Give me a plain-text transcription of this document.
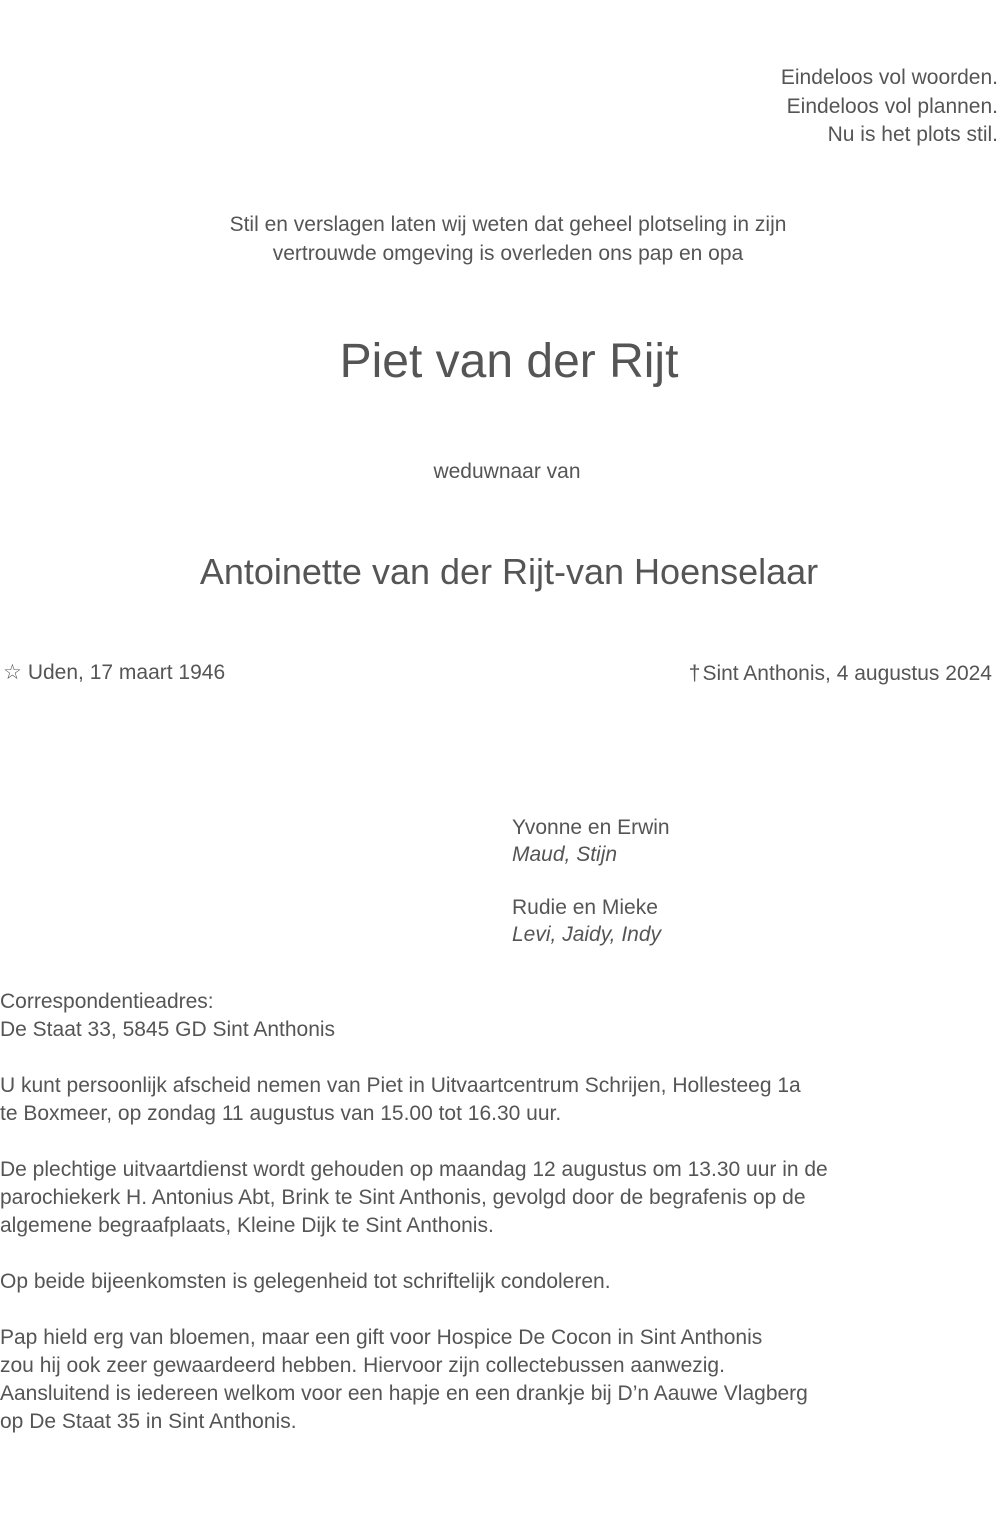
Eindeloos vol woorden.
Eindeloos vol plannen.
Nu is het plots stil.
Stil en verslagen laten wij weten dat geheel plotseling in zijn
vertrouwde omgeving is overleden ons pap en opa
Piet van der Rijt
weduwnaar van
Antoinette van der Rijt-van Hoenselaar
☆ Uden, 17 maart 1946	†Sint Anthonis, 4 augustus 2024
Yvonne en Erwin
Maud, Stijn
Rudie en Mieke
Levi, Jaidy, Indy

Correspondentieadres:
De Staat 33, 5845 GD Sint Anthonis

U kunt persoonlijk afscheid nemen van Piet in Uitvaartcentrum Schrijen, Hollesteeg 1a
te Boxmeer, op zondag 11 augustus van 15.00 tot 16.30 uur.

De plechtige uitvaartdienst wordt gehouden op maandag 12 augustus om 13.30 uur in de
parochiekerk H. Antonius Abt, Brink te Sint Anthonis, gevolgd door de begrafenis op de
algemene begraafplaats, Kleine Dijk te Sint Anthonis.

Op beide bijeenkomsten is gelegenheid tot schriftelijk condoleren.

Pap hield erg van bloemen, maar een gift voor Hospice De Cocon in Sint Anthonis
zou hij ook zeer gewaardeerd hebben. Hiervoor zijn collectebussen aanwezig.
Aansluitend is iedereen welkom voor een hapje en een drankje bij D’n Aauwe Vlagberg
op De Staat 35 in Sint Anthonis.
